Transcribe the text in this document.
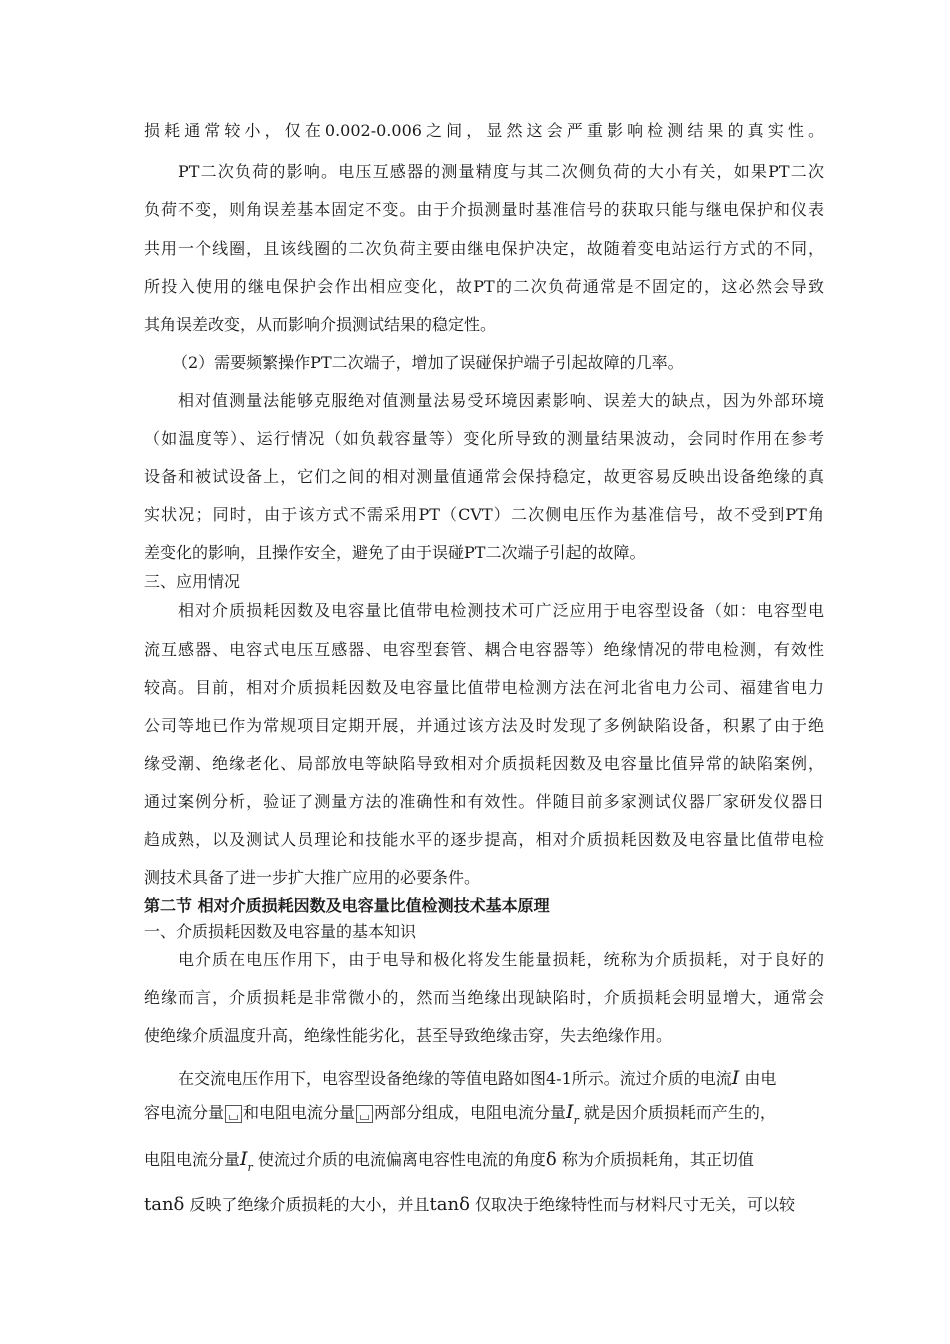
损耗通常较小，仅在0.002-0.006之间，显然这会严重影响检测结果的真实性。
PT二次负荷的影响。电压互感器的测量精度与其二次侧负荷的大小有关，如果PT二次
负荷不变，则角误差基本固定不变。由于介损测量时基准信号的获取只能与继电保护和仪表
共用一个线圈，且该线圈的二次负荷主要由继电保护决定，故随着变电站运行方式的不同，
所投入使用的继电保护会作出相应变化，故PT的二次负荷通常是不固定的，这必然会导致
其角误差改变，从而影响介损测试结果的稳定性。
（2）需要频繁操作PT二次端子，增加了误碰保护端子引起故障的几率。
相对值测量法能够克服绝对值测量法易受环境因素影响、误差大的缺点，因为外部环境
（如温度等）、运行情况（如负载容量等）变化所导致的测量结果波动，会同时作用在参考
设备和被试设备上，它们之间的相对测量值通常会保持稳定，故更容易反映出设备绝缘的真
实状况；同时，由于该方式不需采用PT（CVT）二次侧电压作为基准信号，故不受到PT角
差变化的影响，且操作安全，避免了由于误碰PT二次端子引起的故障。
三、应用情况
相对介质损耗因数及电容量比值带电检测技术可广泛应用于电容型设备（如：电容型电
流互感器、电容式电压互感器、电容型套管、耦合电容器等）绝缘情况的带电检测，有效性
较高。目前，相对介质损耗因数及电容量比值带电检测方法在河北省电力公司、福建省电力
公司等地已作为常规项目定期开展，并通过该方法及时发现了多例缺陷设备，积累了由于绝
缘受潮、绝缘老化、局部放电等缺陷导致相对介质损耗因数及电容量比值异常的缺陷案例，
通过案例分析，验证了测量方法的准确性和有效性。伴随目前多家测试仪器厂家研发仪器日
趋成熟，以及测试人员理论和技能水平的逐步提高，相对介质损耗因数及电容量比值带电检
测技术具备了进一步扩大推广应用的必要条件。
第二节 相对介质损耗因数及电容量比值检测技术基本原理
一、介质损耗因数及电容量的基本知识
电介质在电压作用下，由于电导和极化将发生能量损耗，统称为介质损耗，对于良好的
绝缘而言，介质损耗是非常微小的，然而当绝缘出现缺陷时，介质损耗会明显增大，通常会
使绝缘介质温度升高，绝缘性能劣化，甚至导致绝缘击穿，失去绝缘作用。
在交流电压作用下，电容型设备绝缘的等值电路如图4-1所示。流过介质的电流I 由电
容电流分量 和电阻电流分量 两部分组成，电阻电流分量$I_r$ 就是因介质损耗而产生的，
电阻电流分量$I_r$ 使流过介质的电流偏离电容性电流的角度δ 称为介质损耗角，其正切值
tanδ 反映了绝缘介质损耗的大小，并且tanδ 仅取决于绝缘特性而与材料尺寸无关，可以较
